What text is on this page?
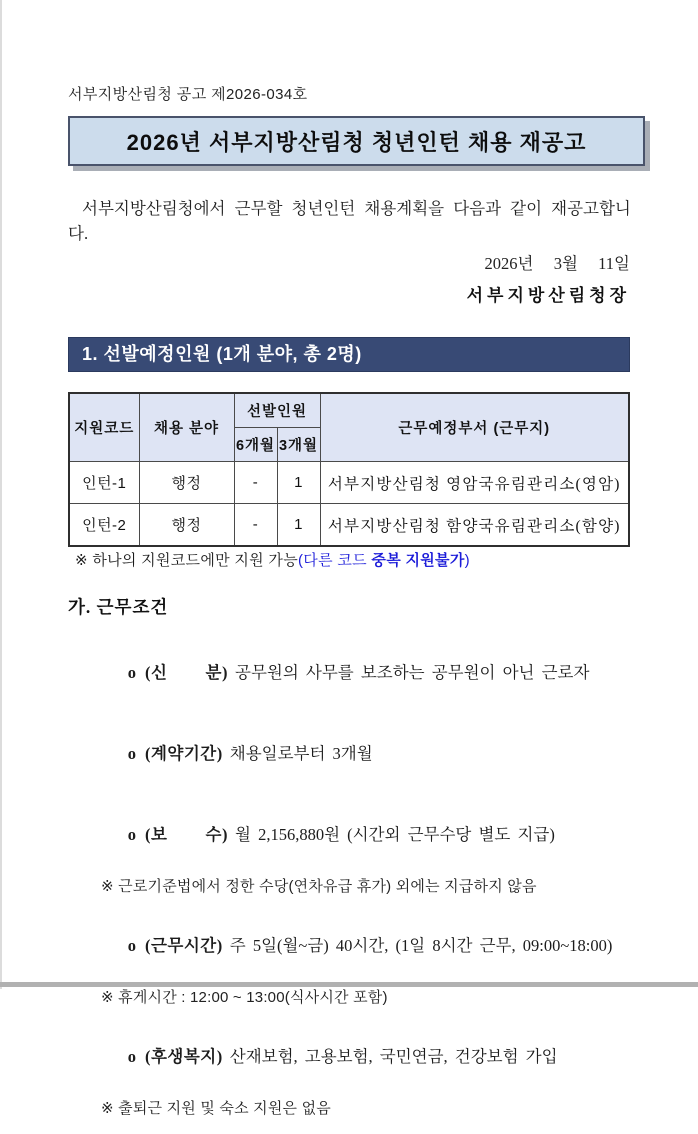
서부지방산림청 공고 제2026-034호
2026년 서부지방산림청 청년인턴 채용 재공고

서부지방산림청에서 근무할 청년인턴 채용계획을 다음과 같이 재공고합니다.

2026년  3월  11일
서부지방산림청장
1. 선발예정인원 (1개 분야, 총 2명)
지원코드	채용 분야	선발인원		근무예정부서 (근무지)
		6개월	3개월	
인턴-1	행정	-	1	서부지방산림청 영암국유림관리소(영암)
인턴-2	행정	-	1	서부지방산림청 함양국유림관리소(함양)
※ 하나의 지원코드에만 지원 가능(다른 코드 중복 지원불가)
가. 근무조건

o (신     분) 공무원의 사무를 보조하는 공무원이 아닌 근로자

o (계약기간) 채용일로부터 3개월

o (보     수) 월 2,156,880원 (시간외 근무수당 별도 지급)

※ 근로기준법에서 정한 수당(연차유급 휴가) 외에는 지급하지 않음

o (근무시간) 주 5일(월~금) 40시간, (1일 8시간 근무, 09:00~18:00)

※ 휴게시간 : 12:00 ~ 13:00(식사시간 포함)

o (후생복지) 산재보험, 고용보험, 국민연금, 건강보험 가입

※ 출퇴근 지원 및 숙소 지원은 없음
